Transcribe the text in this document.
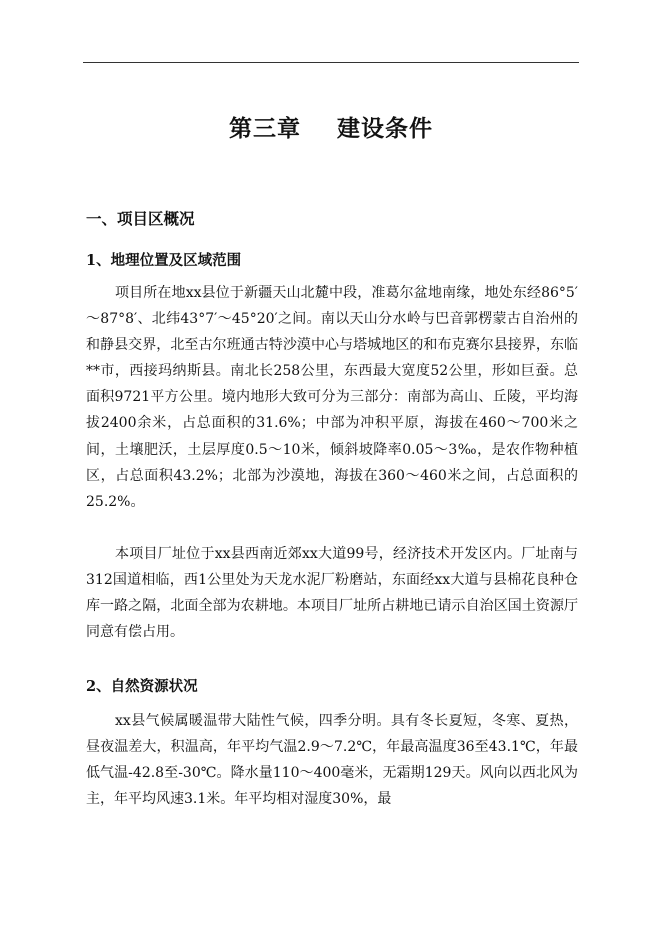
第三章    建设条件
一、项目区概况
1、地理位置及区域范围
项目所在地xx县位于新疆天山北麓中段，准葛尔盆地南缘，地处东经86°5′～87°8′、北纬43°7′～45°20′之间。南以天山分水岭与巴音郭楞蒙古自治州的和静县交界，北至古尔班通古特沙漠中心与塔城地区的和布克赛尔县接界，东临**市，西接玛纳斯县。南北长258公里，东西最大宽度52公里，形如巨蚕。总面积9721平方公里。境内地形大致可分为三部分：南部为高山、丘陵，平均海拔2400余米，占总面积的31.6%；中部为冲积平原，海拔在460～700米之间，土壤肥沃，土层厚度0.5～10米，倾斜坡降率0.05～3‰，是农作物种植区，占总面积43.2%；北部为沙漠地，海拔在360～460米之间，占总面积的25.2%。
本项目厂址位于xx县西南近郊xx大道99号，经济技术开发区内。厂址南与312国道相临，西1公里处为天龙水泥厂粉磨站，东面经xx大道与县棉花良种仓库一路之隔，北面全部为农耕地。本项目厂址所占耕地已请示自治区国土资源厅同意有偿占用。
2、自然资源状况
xx县气候属暖温带大陆性气候，四季分明。具有冬长夏短，冬寒、夏热，昼夜温差大，积温高，年平均气温2.9～7.2℃，年最高温度36至43.1℃，年最低气温-42.8至-30℃。降水量110～400毫米，无霜期129天。风向以西北风为主，年平均风速3.1米。年平均相对湿度30%，最
